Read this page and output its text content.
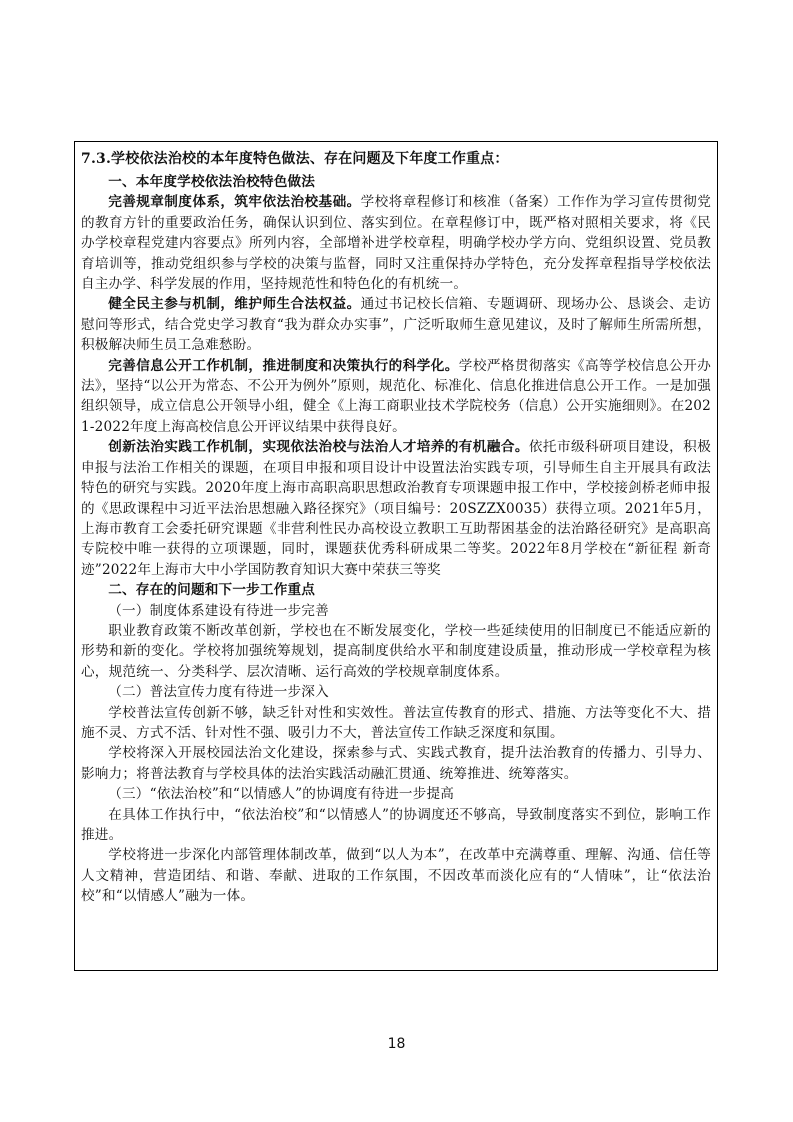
7.3.学校依法治校的本年度特色做法、存在问题及下年度工作重点：

一、本年度学校依法治校特色做法

完善规章制度体系，筑牢依法治校基础。学校将章程修订和核准（备案）工作作为学习宣传贯彻党的教育方针的重要政治任务，确保认识到位、落实到位。在章程修订中，既严格对照相关要求，将《民办学校章程党建内容要点》所列内容，全部增补进学校章程，明确学校办学方向、党组织设置、党员教育培训等，推动党组织参与学校的决策与监督，同时又注重保持办学特色，充分发挥章程指导学校依法自主办学、科学发展的作用，坚持规范性和特色化的有机统一。

健全民主参与机制，维护师生合法权益。通过书记校长信箱、专题调研、现场办公、恳谈会、走访慰问等形式，结合党史学习教育“我为群众办实事”，广泛听取师生意见建议，及时了解师生所需所想，积极解决师生员工急难愁盼。

完善信息公开工作机制，推进制度和决策执行的科学化。学校严格贯彻落实《高等学校信息公开办法》，坚持“以公开为常态、不公开为例外”原则，规范化、标准化、信息化推进信息公开工作。一是加强组织领导，成立信息公开领导小组，健全《上海工商职业技术学院校务（信息）公开实施细则》。在2021-2022年度上海高校信息公开评议结果中获得良好。

创新法治实践工作机制，实现依法治校与法治人才培养的有机融合。依托市级科研项目建设，积极申报与法治工作相关的课题，在项目申报和项目设计中设置法治实践专项，引导师生自主开展具有政法特色的研究与实践。2020年度上海市高职高职思想政治教育专项课题申报工作中，学校接剑桥老师申报的《思政课程中习近平法治思想融入路径探究》（项目编号：20SZZX0035）获得立项。2021年5月，上海市教育工会委托研究课题《非营利性民办高校设立教职工互助帮困基金的法治路径研究》是高职高专院校中唯一获得的立项课题，同时，课题获优秀科研成果二等奖。2022年8月学校在“新征程 新奇迹”2022年上海市大中小学国防教育知识大赛中荣获三等奖

二、存在的问题和下一步工作重点

（一）制度体系建设有待进一步完善

职业教育政策不断改革创新，学校也在不断发展变化，学校一些延续使用的旧制度已不能适应新的形势和新的变化。学校将加强统筹规划，提高制度供给水平和制度建设质量，推动形成一学校章程为核心，规范统一、分类科学、层次清晰、运行高效的学校规章制度体系。

（二）普法宣传力度有待进一步深入

学校普法宣传创新不够，缺乏针对性和实效性。普法宣传教育的形式、措施、方法等变化不大、措施不灵、方式不活、针对性不强、吸引力不大，普法宣传工作缺乏深度和氛围。

学校将深入开展校园法治文化建设，探索参与式、实践式教育，提升法治教育的传播力、引导力、影响力；将普法教育与学校具体的法治实践活动融汇贯通、统筹推进、统筹落实。

（三）“依法治校”和“以情感人”的协调度有待进一步提高

在具体工作执行中，“依法治校”和“以情感人”的协调度还不够高，导致制度落实不到位，影响工作推进。

学校将进一步深化内部管理体制改革，做到“以人为本”，在改革中充满尊重、理解、沟通、信任等人文精神，营造团结、和谐、奉献、进取的工作氛围，不因改革而淡化应有的“人情味”，让“依法治校”和“以情感人”融为一体。

18
